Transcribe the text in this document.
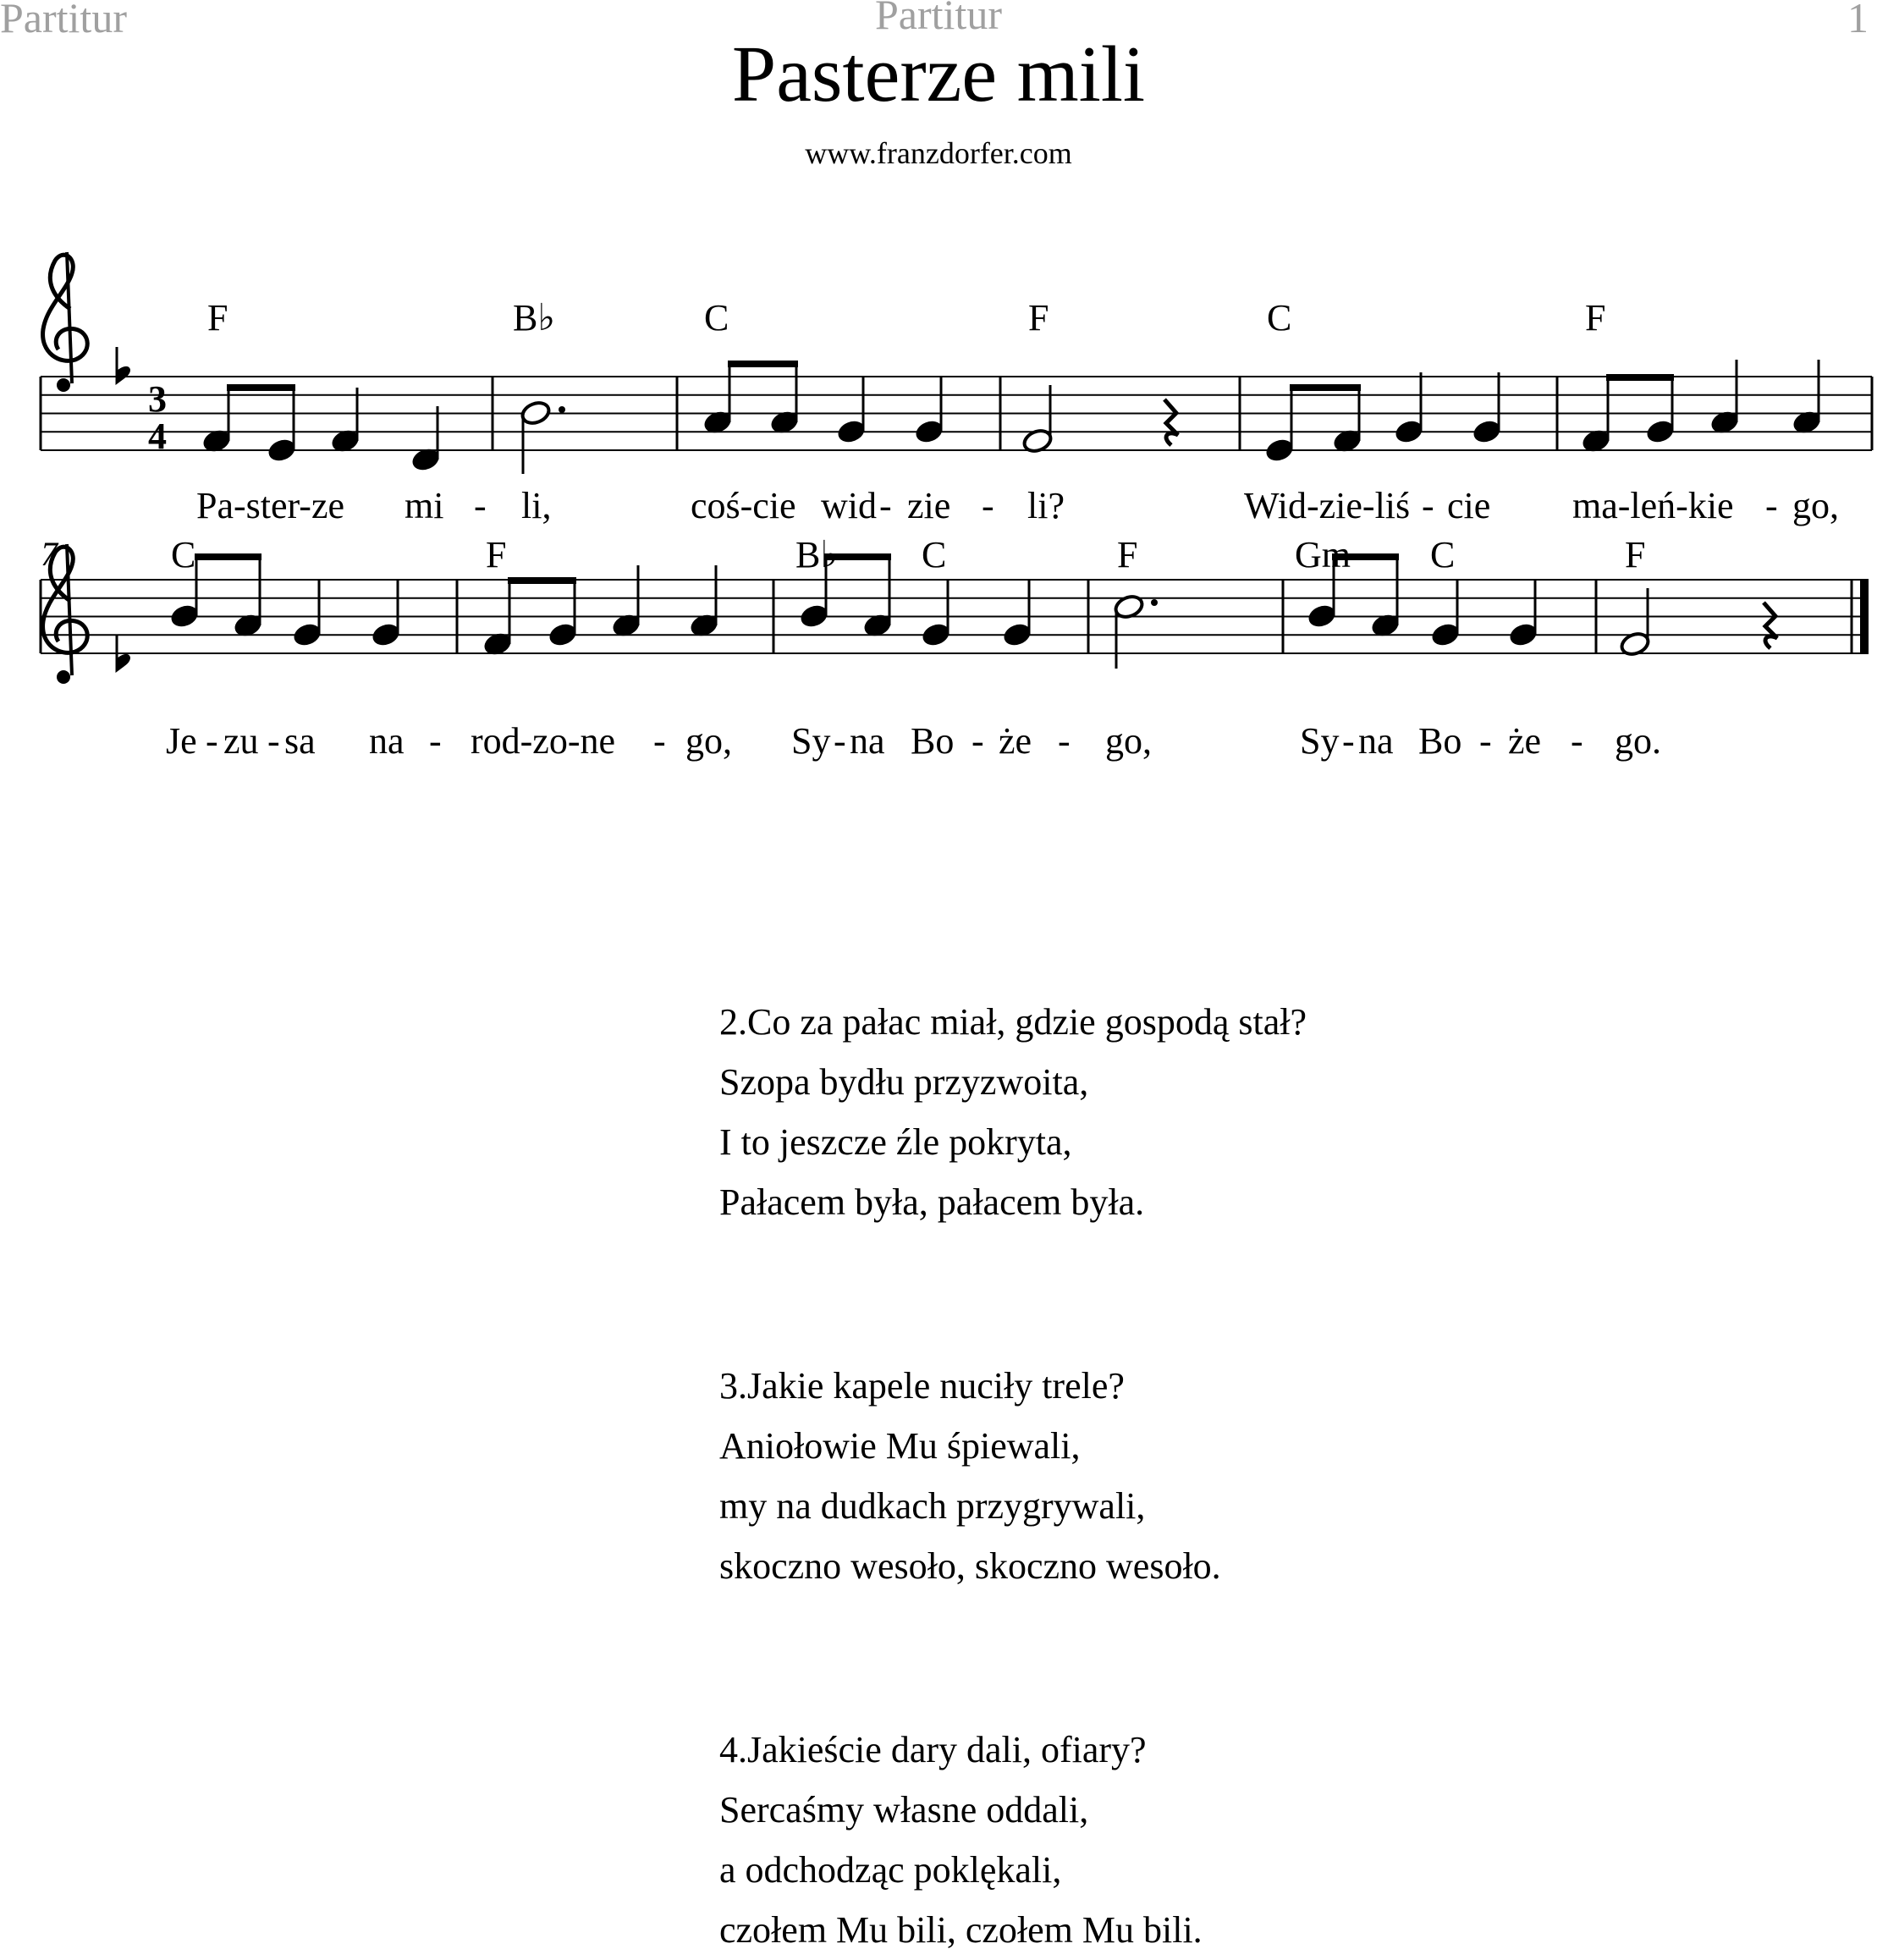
Partitur	Partitur	1
Pasterze mili
www.franzdorfer.com
3
4
F	B♭	C	F	C	F
Pa-ster-ze mi - li,	coś-cie wid - zie - li?	Wid-zie-liś - cie ma-leń-kie - go,
7	C	F	B♭ C	F	Gm C	F
Je - zu - sa na - rod-zo-ne - go, Sy - na Bo - że - go,	Sy - na Bo - że - go.
2.Co za pałac miał, gdzie gospodą stał?
Szopa bydłu przyzwoita,
I to jeszcze źle pokryta,
Pałacem była, pałacem była.
3.Jakie kapele nuciły trele?
Aniołowie Mu śpiewali,
my na dudkach przygrywali,
skoczno wesoło, skoczno wesoło.
4.Jakieście dary dali, ofiary?
Sercaśmy własne oddali,
a odchodząc poklękali,
czołem Mu bili, czołem Mu bili.
